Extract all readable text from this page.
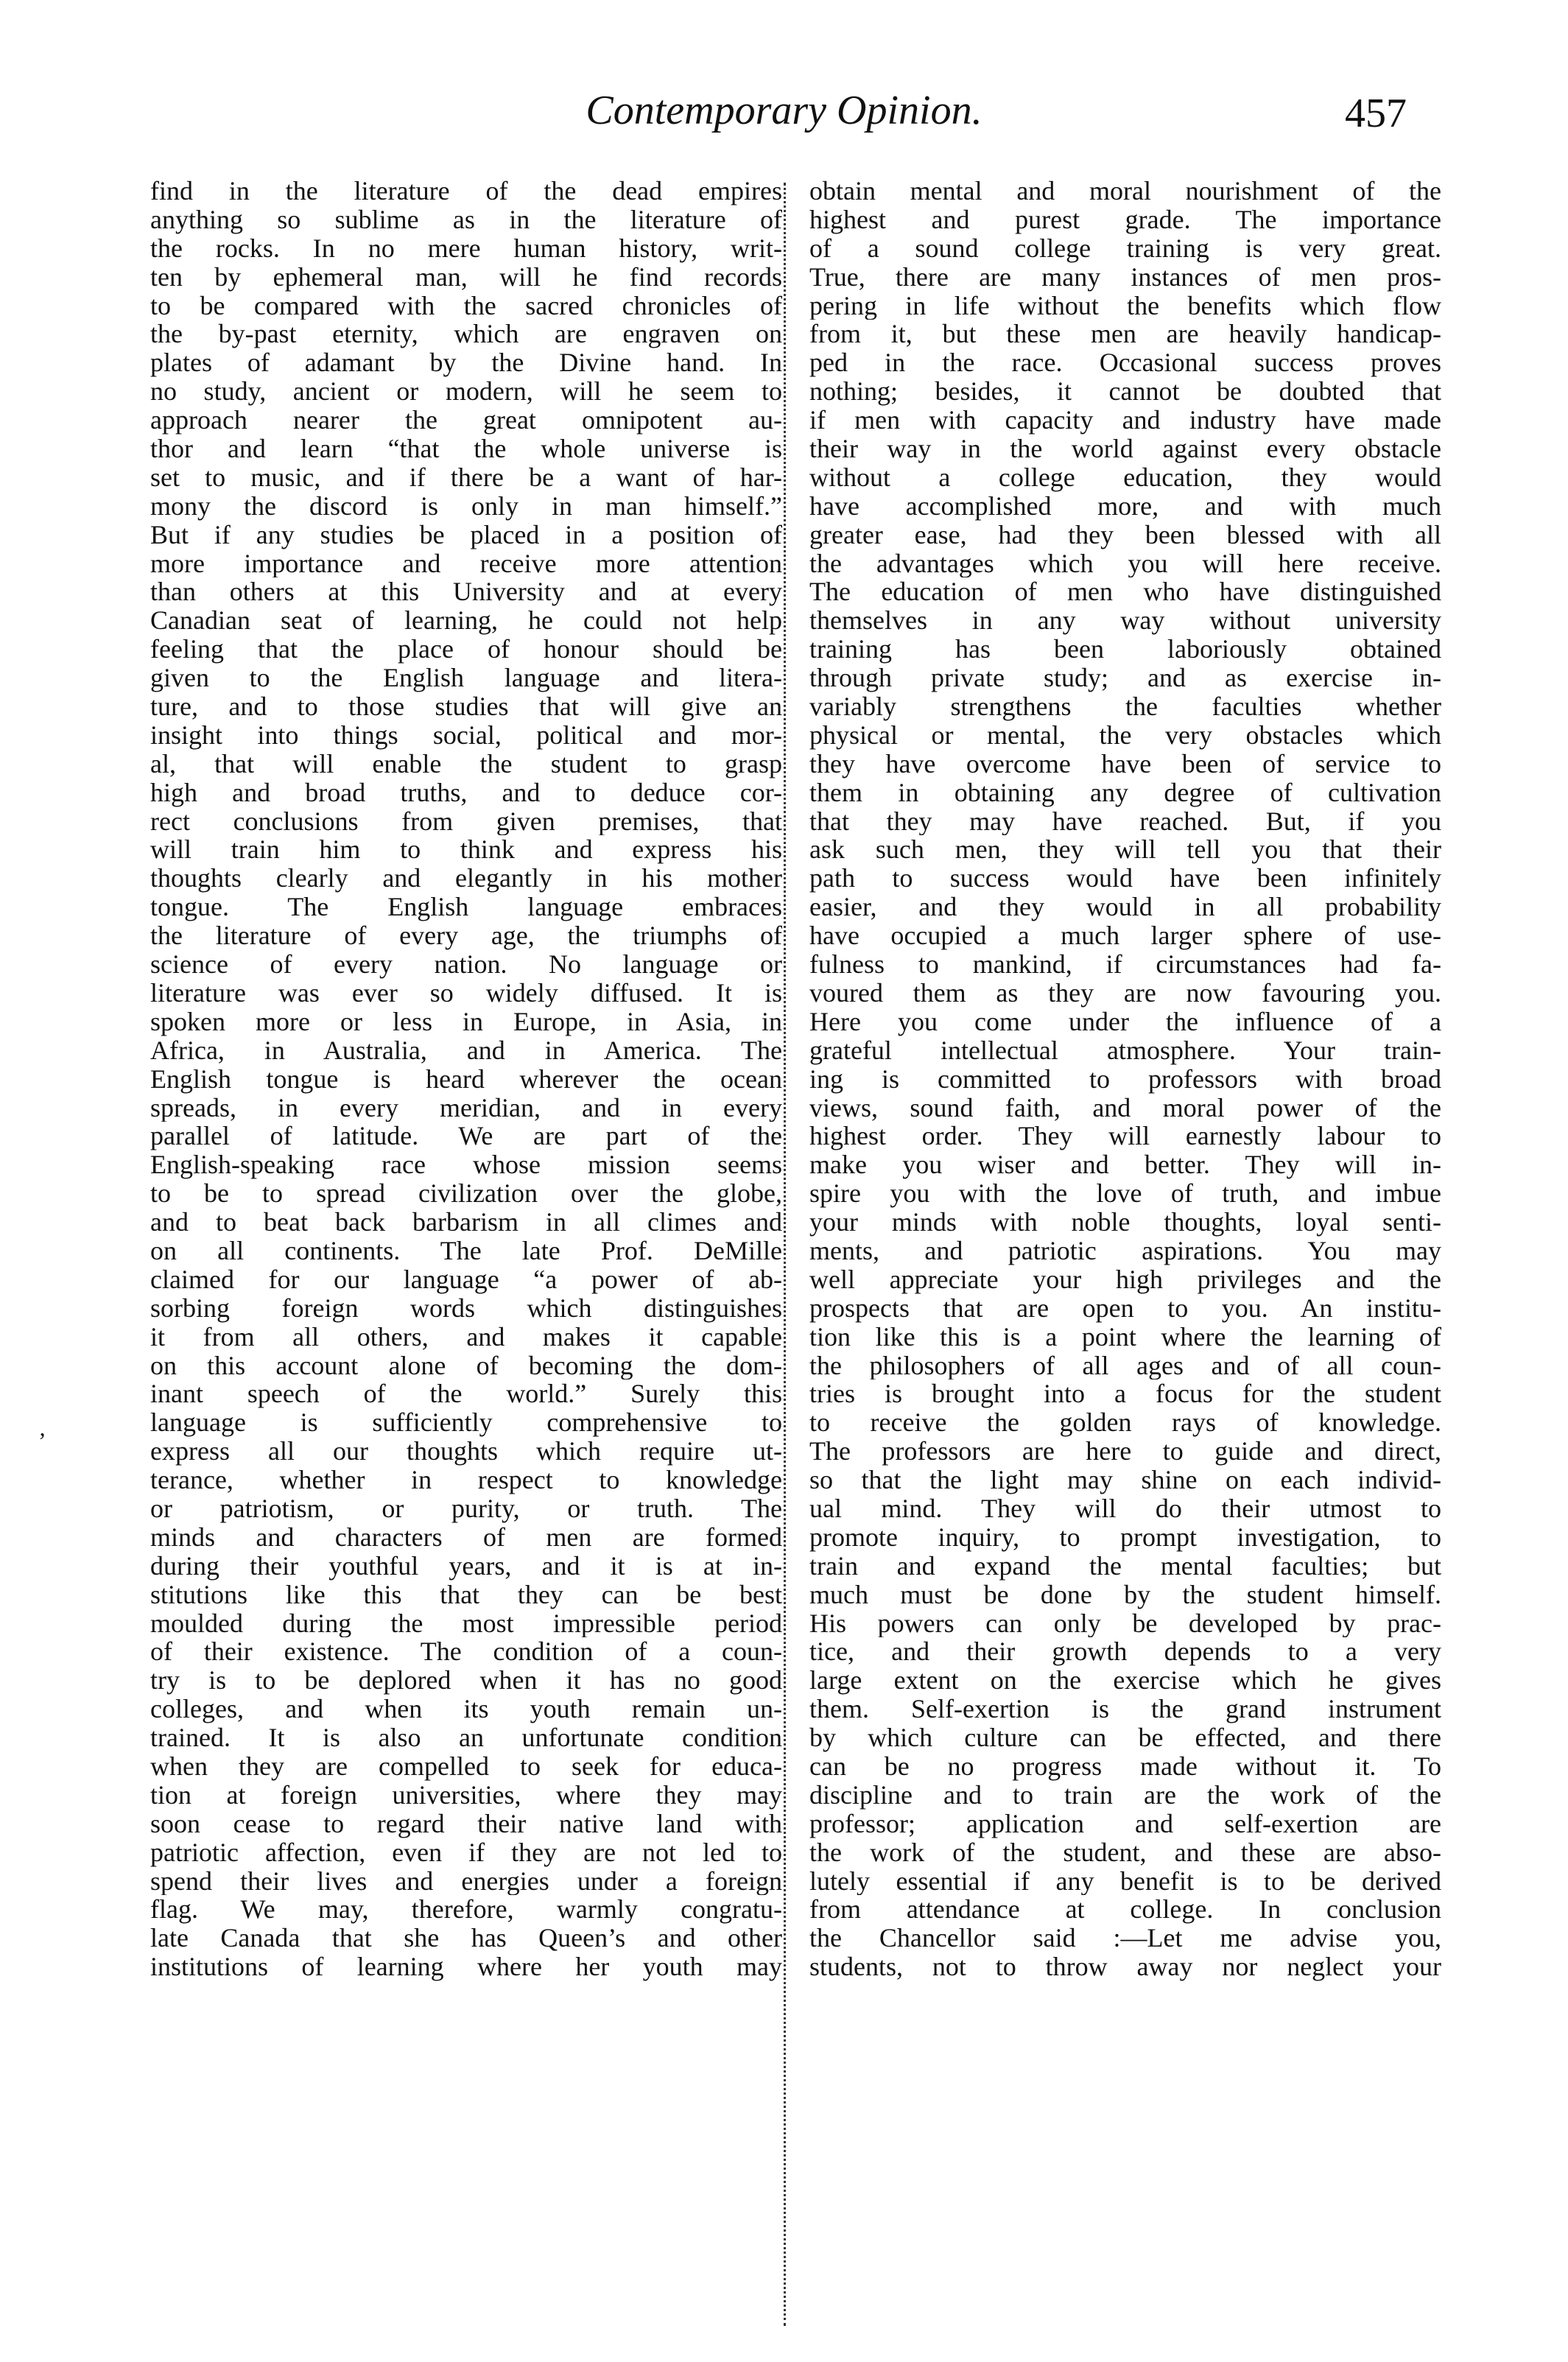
Contemporary Opinion.	457
’
find in the literature of the dead empires
anything so sublime as in the literature of
the rocks. In no mere human history, writ-
ten by ephemeral man, will he find records
to be compared with the sacred chronicles of
the by-past eternity, which are engraven on
plates of adamant by the Divine hand. In
no study, ancient or modern, will he seem to
approach nearer the great omnipotent au-
thor and learn “that the whole universe is
set to music, and if there be a want of har-
mony the discord is only in man himself.”
But if any studies be placed in a position of
more importance and receive more attention
than others at this University and at every
Canadian seat of learning, he could not help
feeling that the place of honour should be
given to the English language and litera-
ture, and to those studies that will give an
insight into things social, political and mor-
al, that will enable the student to grasp
high and broad truths, and to deduce cor-
rect conclusions from given premises, that
will train him to think and express his
thoughts clearly and elegantly in his mother
tongue. The English language embraces
the literature of every age, the triumphs of
science of every nation. No language or
literature was ever so widely diffused. It is
spoken more or less in Europe, in Asia, in
Africa, in Australia, and in America. The
English tongue is heard wherever the ocean
spreads, in every meridian, and in every
parallel of latitude. We are part of the
English-speaking race whose mission seems
to be to spread civilization over the globe,
and to beat back barbarism in all climes and
on all continents. The late Prof. DeMille
claimed for our language “a power of ab-
sorbing foreign words which distinguishes
it from all others, and makes it capable
on this account alone of becoming the dom-
inant speech of the world.” Surely this
language is sufficiently comprehensive to
express all our thoughts which require ut-
terance, whether in respect to knowledge
or patriotism, or purity, or truth. The
minds and characters of men are formed
during their youthful years, and it is at in-
stitutions like this that they can be best
moulded during the most impressible period
of their existence. The condition of a coun-
try is to be deplored when it has no good
colleges, and when its youth remain un-
trained. It is also an unfortunate condition
when they are compelled to seek for educa-
tion at foreign universities, where they may
soon cease to regard their native land with
patriotic affection, even if they are not led to
spend their lives and energies under a foreign
flag. We may, therefore, warmly congratu-
late Canada that she has Queen’s and other
institutions of learning where her youth may
obtain mental and moral nourishment of the
highest and purest grade. The importance
of a sound college training is very great.
True, there are many instances of men pros-
pering in life without the benefits which flow
from it, but these men are heavily handicap-
ped in the race. Occasional success proves
nothing; besides, it cannot be doubted that
if men with capacity and industry have made
their way in the world against every obstacle
without a college education, they would
have accomplished more, and with much
greater ease, had they been blessed with all
the advantages which you will here receive.
The education of men who have distinguished
themselves in any way without university
training has been laboriously obtained
through private study; and as exercise in-
variably strengthens the faculties whether
physical or mental, the very obstacles which
they have overcome have been of service to
them in obtaining any degree of cultivation
that they may have reached. But, if you
ask such men, they will tell you that their
path to success would have been infinitely
easier, and they would in all probability
have occupied a much larger sphere of use-
fulness to mankind, if circumstances had fa-
voured them as they are now favouring you.
Here you come under the influence of a
grateful intellectual atmosphere. Your train-
ing is committed to professors with broad
views, sound faith, and moral power of the
highest order. They will earnestly labour to
make you wiser and better. They will in-
spire you with the love of truth, and imbue
your minds with noble thoughts, loyal senti-
ments, and patriotic aspirations. You may
well appreciate your high privileges and the
prospects that are open to you. An institu-
tion like this is a point where the learning of
the philosophers of all ages and of all coun-
tries is brought into a focus for the student
to receive the golden rays of knowledge.
The professors are here to guide and direct,
so that the light may shine on each individ-
ual mind. They will do their utmost to
promote inquiry, to prompt investigation, to
train and expand the mental faculties; but
much must be done by the student himself.
His powers can only be developed by prac-
tice, and their growth depends to a very
large extent on the exercise which he gives
them. Self-exertion is the grand instrument
by which culture can be effected, and there
can be no progress made without it. To
discipline and to train are the work of the
professor; application and self-exertion are
the work of the student, and these are abso-
lutely essential if any benefit is to be derived
from attendance at college. In conclusion
the Chancellor said :—Let me advise you,
students, not to throw away nor neglect your
